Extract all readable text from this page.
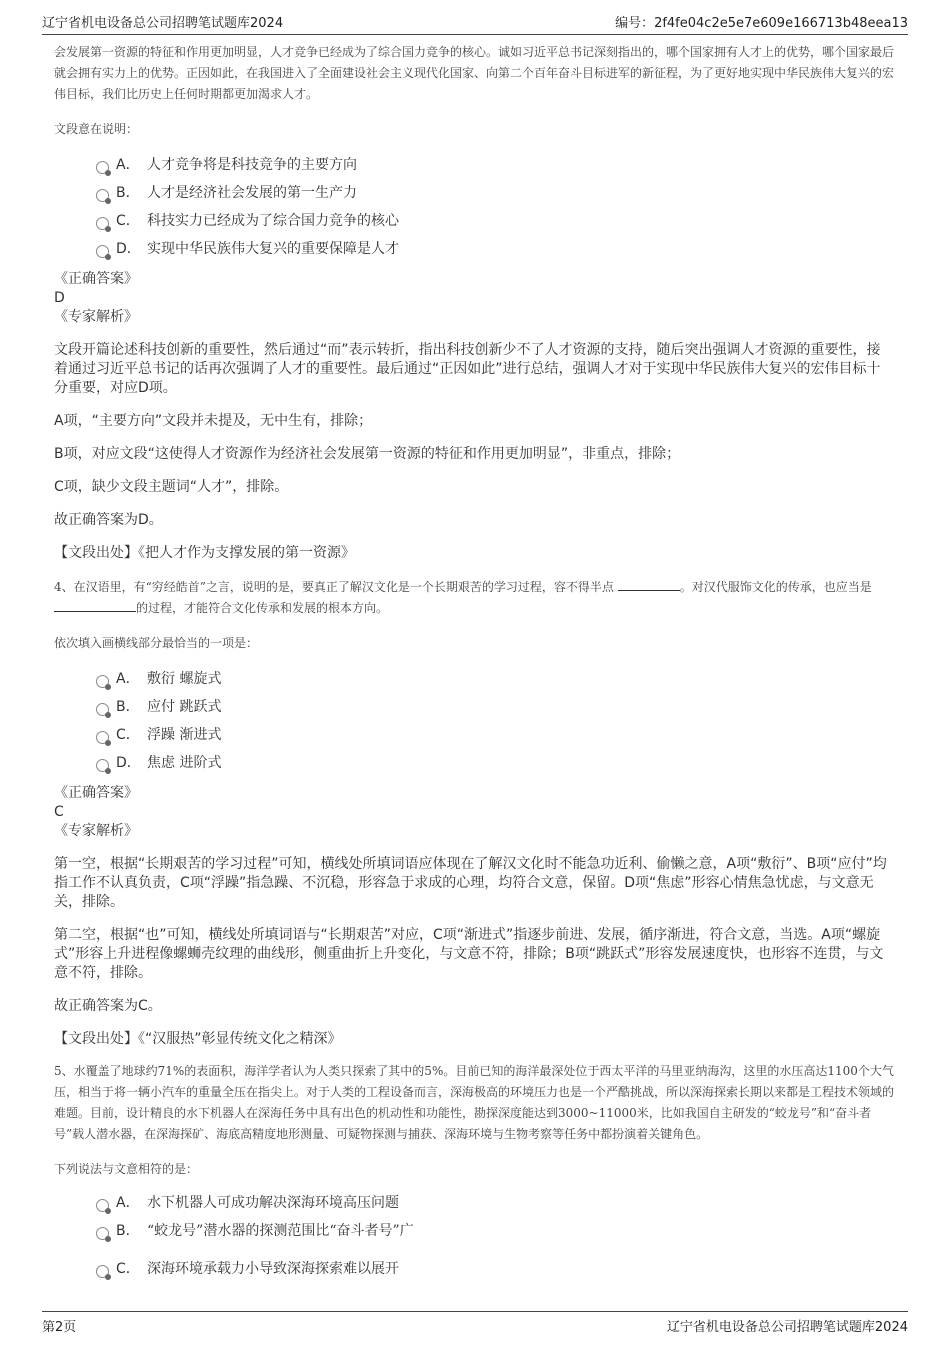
辽宁省机电设备总公司招聘笔试题库2024	编号：2f4fe04c2e5e7e609e166713b48eea13

会发展第一资源的特征和作用更加明显，人才竞争已经成为了综合国力竞争的核心。诚如习近平总书记深刻指出的，哪个国家拥有人才上的优势，哪个国家最后就会拥有实力上的优势。正因如此，在我国进入了全面建设社会主义现代化国家、向第二个百年奋斗目标进军的新征程，为了更好地实现中华民族伟大复兴的宏伟目标，我们比历史上任何时期都更加渴求人才。

文段意在说明：

A． 人才竞争将是科技竞争的主要方向
B． 人才是经济社会发展的第一生产力
C． 科技实力已经成为了综合国力竞争的核心
D． 实现中华民族伟大复兴的重要保障是人才

《正确答案》

D

《专家解析》

文段开篇论述科技创新的重要性，然后通过“而”表示转折，指出科技创新少不了人才资源的支持，随后突出强调人才资源的重要性，接着通过习近平总书记的话再次强调了人才的重要性。最后通过“正因如此”进行总结，强调人才对于实现中华民族伟大复兴的宏伟目标十分重要，对应D项。

A项，“主要方向”文段并未提及，无中生有，排除；

B项，对应文段“这使得人才资源作为经济社会发展第一资源的特征和作用更加明显”，非重点，排除；

C项，缺少文段主题词“人才”，排除。

故正确答案为D。

【文段出处】《把人才作为支撑发展的第一资源》

4、在汉语里，有“穷经皓首”之言，说明的是，要真正了解汉文化是一个长期艰苦的学习过程，容不得半点	。对汉代服饰文化的传承，也应当是 的过程，才能符合文化传承和发展的根本方向。

依次填入画横线部分最恰当的一项是：

A． 敷衍 螺旋式
B． 应付 跳跃式
C． 浮躁 渐进式
D． 焦虑 进阶式

《正确答案》

C

《专家解析》

第一空，根据“长期艰苦的学习过程”可知，横线处所填词语应体现在了解汉文化时不能急功近利、偷懒之意，A项“敷衍”、B项“应付”均指工作不认真负责，C项“浮躁”指急躁、不沉稳，形容急于求成的心理，均符合文意，保留。D项“焦虑”形容心情焦急忧虑，与文意无关，排除。

第二空，根据“也”可知，横线处所填词语与“长期艰苦”对应，C项“渐进式”指逐步前进、发展，循序渐进，符合文意，当选。A项“螺旋式”形容上升进程像螺蛳壳纹理的曲线形，侧重曲折上升变化，与文意不符，排除；B项“跳跃式”形容发展速度快，也形容不连贯，与文意不符，排除。

故正确答案为C。

【文段出处】《“汉服热”彰显传统文化之精深》

5、水覆盖了地球约71%的表面积，海洋学者认为人类只探索了其中的5%。目前已知的海洋最深处位于西太平洋的马里亚纳海沟，这里的水压高达1100个大气压，相当于将一辆小汽车的重量全压在指尖上。对于人类的工程设备而言，深海极高的环境压力也是一个严酷挑战，所以深海探索长期以来都是工程技术领域的难题。目前，设计精良的水下机器人在深海任务中具有出色的机动性和功能性，勘探深度能达到3000~11000米，比如我国自主研发的“蛟龙号”和“奋斗者号”载人潜水器，在深海探矿、海底高精度地形测量、可疑物探测与捕获、深海环境与生物考察等任务中都扮演着关键角色。

下列说法与文意相符的是：

A． 水下机器人可成功解决深海环境高压问题
B． “蛟龙号”潜水器的探测范围比“奋斗者号”广
C． 深海环境承载力小导致深海探索难以展开
第2页	辽宁省机电设备总公司招聘笔试题库2024
